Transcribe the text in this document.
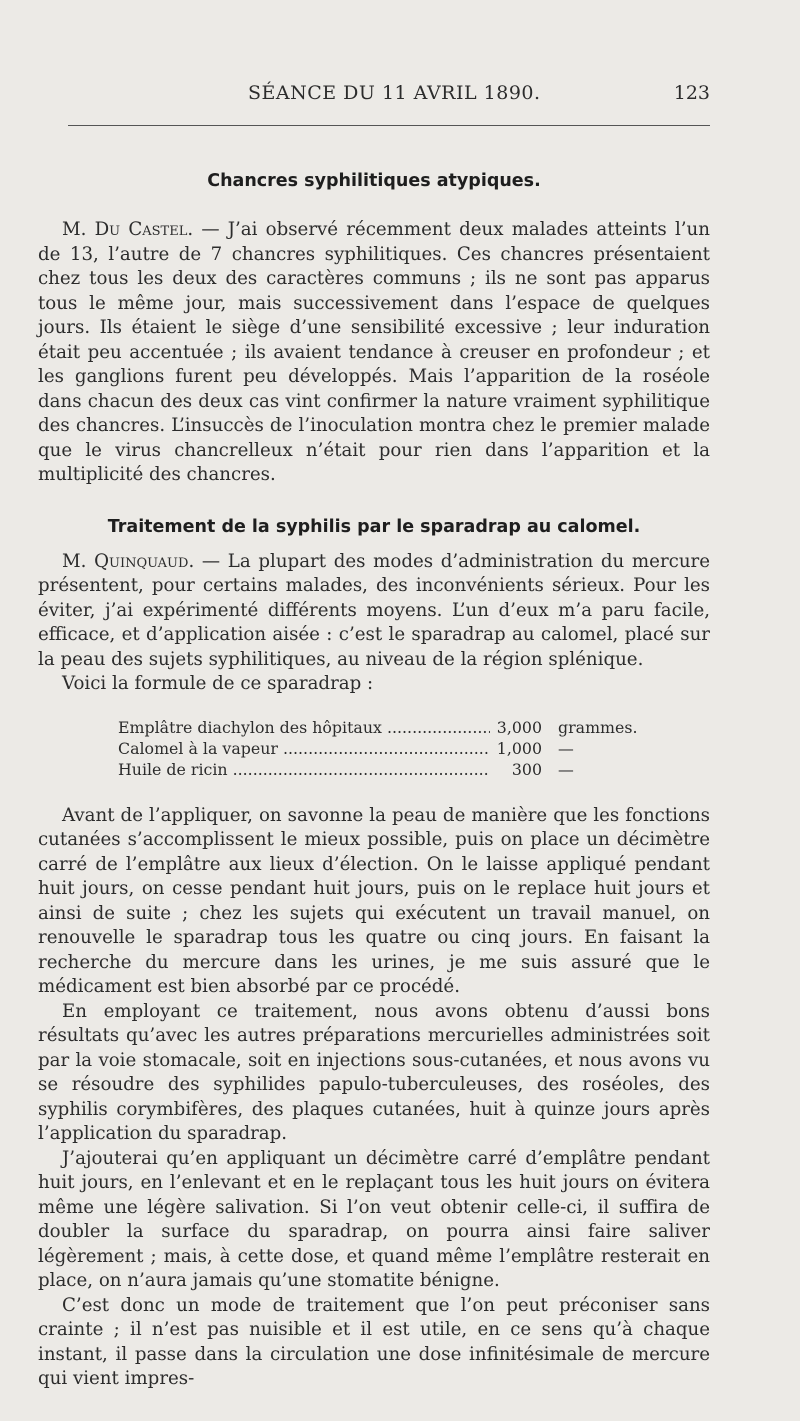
SÉANCE DU 11 AVRIL 1890.	123
Chancres syphilitiques atypiques.

M. Du Castel. — J’ai observé récemment deux malades atteints l’un de 13, l’autre de 7 chancres syphilitiques. Ces chancres présentaient chez tous les deux des caractères communs ; ils ne sont pas apparus tous le même jour, mais successivement dans l’espace de quelques jours. Ils étaient le siège d’une sensibilité excessive ; leur induration était peu accentuée ; ils avaient tendance à creuser en profondeur ; et les ganglions furent peu développés. Mais l’apparition de la roséole dans chacun des deux cas vint confirmer la nature vraiment syphilitique des chancres. L’insuccès de l’inoculation montra chez le premier malade que le virus chancrelleux n’était pour rien dans l’apparition et la multiplicité des chancres.

Traitement de la syphilis par le sparadrap au calomel.

M. Quinquaud. — La plupart des modes d’administration du mercure présentent, pour certains malades, des inconvénients sérieux. Pour les éviter, j’ai expérimenté différents moyens. L’un d’eux m’a paru facile, efficace, et d’application aisée : c’est le sparadrap au calomel, placé sur la peau des sujets syphilitiques, au niveau de la région splénique.

Voici la formule de ce sparadrap :

Emplâtre diachylon des hôpitaux .....	3,000	grammes.
Calomel à la vapeur .....	1,000	—
Huile de ricin .....	300	—

Avant de l’appliquer, on savonne la peau de manière que les fonctions cutanées s’accomplissent le mieux possible, puis on place un décimètre carré de l’emplâtre aux lieux d’élection. On le laisse appliqué pendant huit jours, on cesse pendant huit jours, puis on le replace huit jours et ainsi de suite ; chez les sujets qui exécutent un travail manuel, on renouvelle le sparadrap tous les quatre ou cinq jours. En faisant la recherche du mercure dans les urines, je me suis assuré que le médicament est bien absorbé par ce procédé.

En employant ce traitement, nous avons obtenu d’aussi bons résultats qu’avec les autres préparations mercurielles administrées soit par la voie stomacale, soit en injections sous-cutanées, et nous avons vu se résoudre des syphilides papulo-tuberculeuses, des roséoles, des syphilis corymbifères, des plaques cutanées, huit à quinze jours après l’application du sparadrap.

J’ajouterai qu’en appliquant un décimètre carré d’emplâtre pendant huit jours, en l’enlevant et en le replaçant tous les huit jours on évitera même une légère salivation. Si l’on veut obtenir celle-ci, il suffira de doubler la surface du sparadrap, on pourra ainsi faire saliver légèrement ; mais, à cette dose, et quand même l’emplâtre resterait en place, on n’aura jamais qu’une stomatite bénigne.

C’est donc un mode de traitement que l’on peut préconiser sans crainte ; il n’est pas nuisible et il est utile, en ce sens qu’à chaque instant, il passe dans la circulation une dose infinitésimale de mercure qui vient impres-
